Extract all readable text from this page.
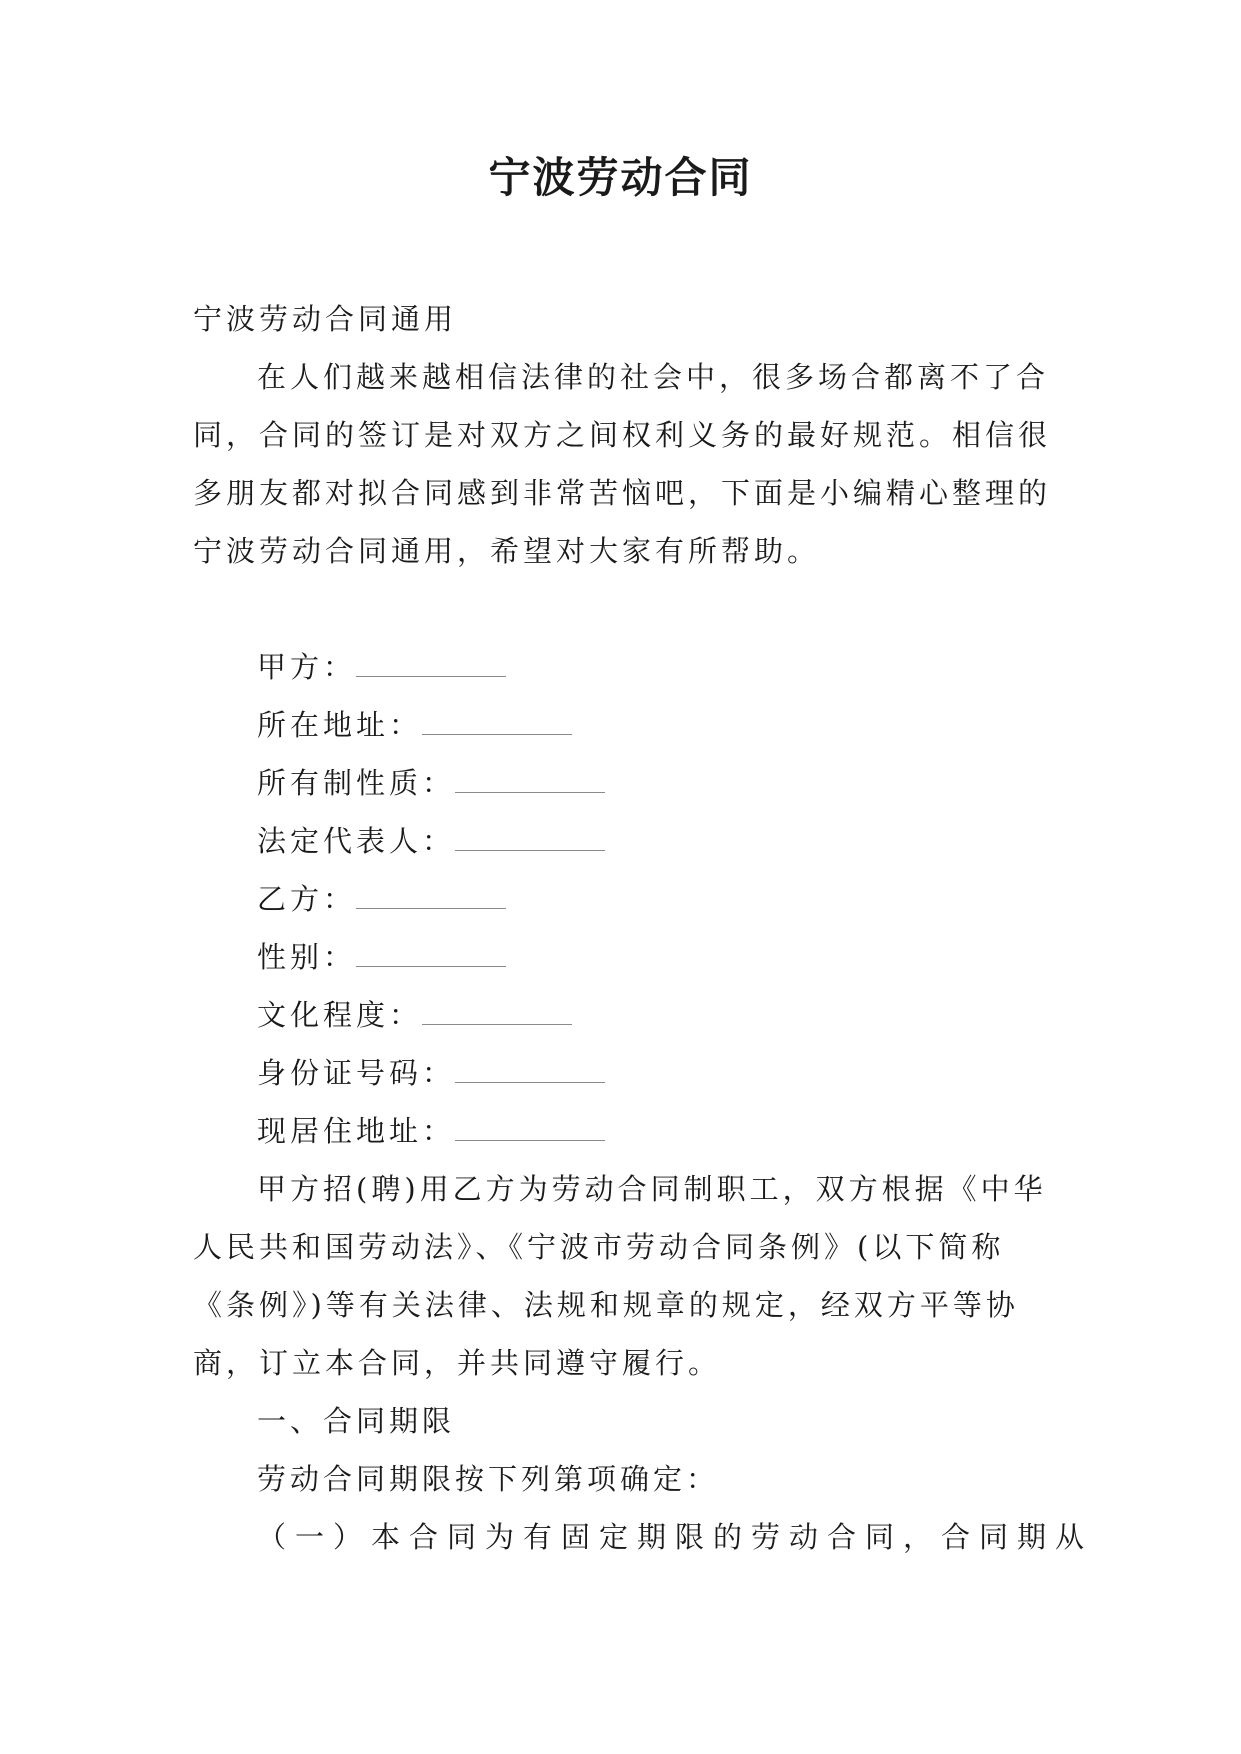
宁波劳动合同

宁波劳动合同通用

在人们越来越相信法律的社会中，很多场合都离不了合同，合同的签订是对双方之间权利义务的最好规范。相信很多朋友都对拟合同感到非常苦恼吧，下面是小编精心整理的宁波劳动合同通用，希望对大家有所帮助。

甲方：

所在地址：

所有制性质：

法定代表人：

乙方：

性别：

文化程度：

身份证号码：

现居住地址：

甲方招(聘)用乙方为劳动合同制职工，双方根据《中华人民共和国劳动法》、《宁波市劳动合同条例》(以下简称《条例》)等有关法律、法规和规章的规定，经双方平等协商，订立本合同，并共同遵守履行。

一、合同期限

劳动合同期限按下列第项确定：

（一）本合同为有固定期限的劳动合同，合同期从
